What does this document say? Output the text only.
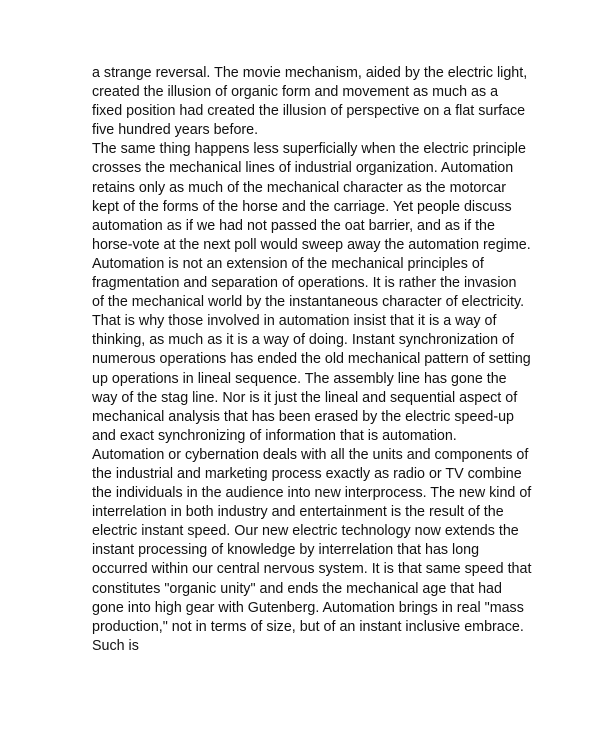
a strange reversal. The movie mechanism, aided by the electric light, created the illusion of organic form and movement as much as a fixed position had created the illusion of perspective on a flat surface five hundred years before.

The same thing happens less superficially when the electric principle crosses the mechanical lines of industrial organization. Automation retains only as much of the mechanical character as the motorcar kept of the forms of the horse and the carriage. Yet people discuss automation as if we had not passed the oat barrier, and as if the horse-vote at the next poll would sweep away the automation regime.

Automation is not an extension of the mechanical principles of fragmentation and separation of operations. It is rather the invasion of the mechanical world by the instantaneous character of electricity. That is why those involved in automation insist that it is a way of thinking, as much as it is a way of doing. Instant synchronization of numerous operations has ended the old mechanical pattern of setting up operations in lineal sequence. The assembly line has gone the way of the stag line. Nor is it just the lineal and sequential aspect of mechanical analysis that has been erased by the electric speed-up and exact synchronizing of information that is automation. Automation or cybernation deals with all the units and components of the industrial and marketing process exactly as radio or TV combine the individuals in the audience into new interprocess. The new kind of interrelation in both industry and entertainment is the result of the electric instant speed. Our new electric technology now extends the instant processing of knowledge by interrelation that has long occurred within our central nervous system. It is that same speed that constitutes "organic unity" and ends the mechanical age that had gone into high gear with Gutenberg. Automation brings in real "mass production," not in terms of size, but of an instant inclusive embrace. Such is
